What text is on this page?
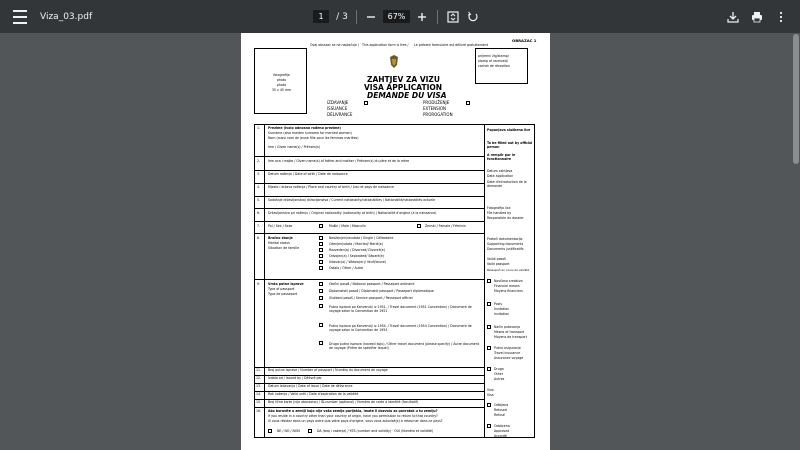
Viza_03.pdf
1	/
3	67%
OBRAZAC 1
Ovaj obrazac se ne naplaćuje / This application form is free / Le présent formulaire est délivré gratuitement
fotografija
photo
photo
35 x 45 mm
prijemni žig/stamp/
stamp of received/
cachet de réception
ZAHTJEV ZA VIZU
VISA APPLICATION
DEMANDE DU VISA
IZDAVANJE
ISSUANCE
DÉLIVRANCE
PRODUŽENJE
EXTENSION
PROROGATION
1. Prezime (ivolo odnosno rođeno prezime)
Surname (also maiden surname for married women)
Nom (aussi nom de jeune fille pour les femmes mariées)
Ime / Given name(s) / Prénom(s)
2. Ime oca i majke / Given name(s) of father and mother / Prénom(s) du père et de la mère
3. Datum rođenja / Date of birth / Date de naissance
4. Mjesto i država rođenja / Place and country of birth / Lieu et pays de naissance
5. Sadašnje državljanstvo/ državljanstva / Current nationality/nationalities / Nationalité/nationalités actuele
6. Državljanstvo pri rođenju / Original nationality (nationality at birth) / Nationalité d'origine (à la naissance)
7. Pol / Sex / Sexe	Muški / Male / Masculin	Ženski / Female / Féminin
8. Bračno stanje
Marital status
Situation de famille
Neoženjen/neudata / Single / Célibataire
Oženjen/udata / Married/ Marié(e)
Razveden(a) / Divorced/ Divorcé(e)
Odvojen(a) / Separated/ Séparé(e)
Udovac(a) / Widow(er)/ Veuf(Veuve)
Ostalo / Other / Autre
9. Vrsta putne isprave
Type of passport
Type de passeport
Obični pasoš / National passport / Passeport ordinaire
Diplomatski pasoš / Diplomatic passport / Passeport diplomatique
Službeni pasoš / Service passport / Passeport officiel
Putna isprava po Konvenciji iz 1951. / Travel document (1951 Convention) / Document de voyage selon la Convention de 1951
Putna isprava po Konvenciji iz 1954. / Travel document (1954 Convention) / Document de voyage selon la Convention de 1954
Druga putna isprava (navesti koju) / Other travel document (please specify) / Autre document de voyage (Prière de spécifier lequel)
11. Broj putne isprave / Number of passport / Numéro du document de voyage
12. Izdata od / Issued by / Délivré par
13. Datum izdavanja / Date of issue / Date de délivrance
14. Rok važenja / Valid until / Date d'expiration de la validité
15. Broj lične karte (nije obavezno) / ID-number (optional) / Numéro de carte à identité (facultatif)
16. Ako boravite u zemlji koja nije vaša zemlja porijekla, imate li dozvolu za povratak u tu zemlju?
If you reside in a country other than your country of origin, have you permission to return to that country?
Si vous résidez dans un pays autre que votre pays d'origine, vous vous autorisé(e) à retourner dans ce pays?
NE / NO / NON	DA (broj i važenje) / YES (number and validity) · OUI (Numéro et validité)
Popunjava službeno lice
To be filled out by official person
A remplir par le fonctionnaire
Datum zahtjeva
Date application
Date d'introduction de la demande
Fotografija lica
File handled by
Responsible du dossier
Prateći dokumentacija
Supporting documents
Documents justificatifs
Validi pasoš
Valid passport
Passeport en cours de validité
Novčana sredstva
Financial means
Moyens financiers
Poziv
Invitation
Invitation
Način putovanja
Means of transport
Moyens de transport
Putno osiguranje
Travel insurance
Assurance voyage
Drugo
Other
Autres
Viza
Visa
Odbijena
Refused
Refusé
Odobrena
Approved
Accordé
